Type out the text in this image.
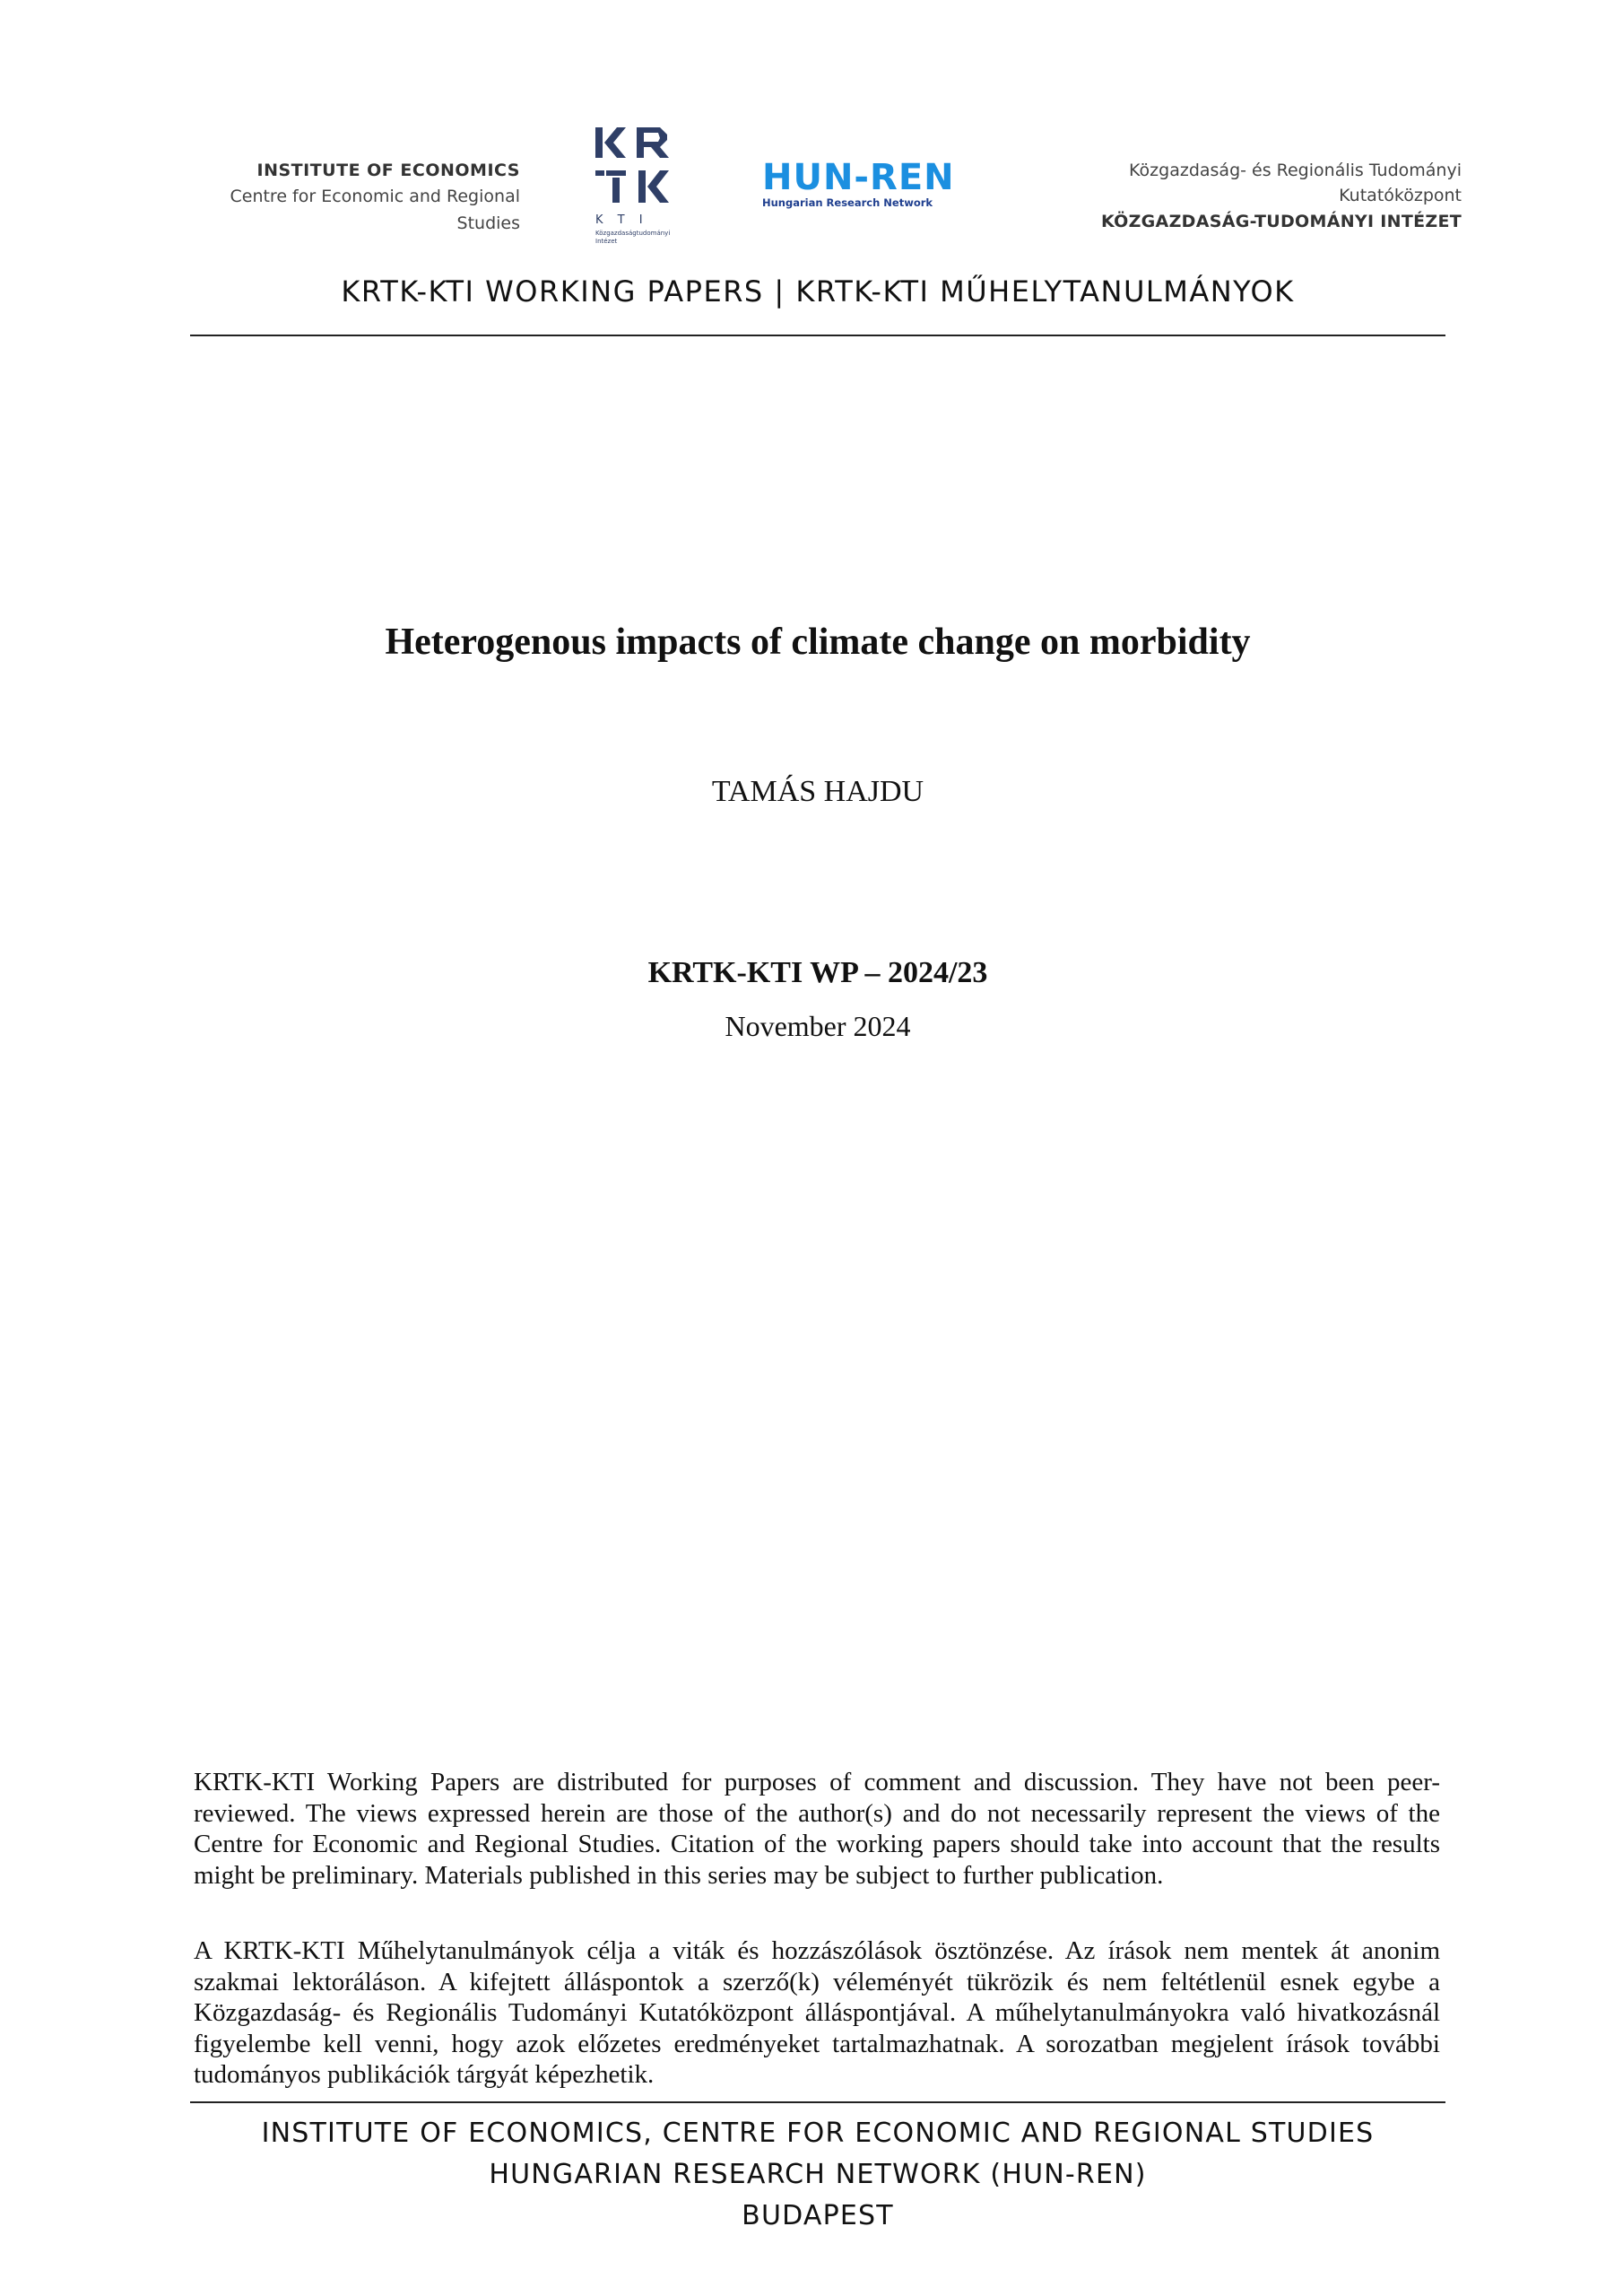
INSTITUTE OF ECONOMICS
Centre for Economic and Regional Studies	K T I
Közgazdaságtudományi
Intézet
HUN-REN
Hungarian Research Network
Közgazdaság- és Regionális Tudományi Kutatóközpont
KÖZGAZDASÁG-TUDOMÁNYI INTÉZET
KRTK-KTI WORKING PAPERS | KRTK-KTI MŰHELYTANULMÁNYOK
Heterogenous impacts of climate change on morbidity
TAMÁS HAJDU
KRTK-KTI WP – 2024/23
November 2024
KRTK-KTI Working Papers are distributed for purposes of comment and discussion. They have not been peer-reviewed. The views expressed herein are those of the author(s) and do not necessarily represent the views of the Centre for Economic and Regional Studies. Citation of the working papers should take into account that the results might be preliminary. Materials published in this series may be subject to further publication.
A KRTK-KTI Műhelytanulmányok célja a viták és hozzászólások ösztönzése. Az írások nem mentek át anonim szakmai lektoráláson. A kifejtett álláspontok a szerző(k) véleményét tükrözik és nem feltétlenül esnek egybe a Közgazdaság- és Regionális Tudományi Kutatóközpont álláspontjával. A műhelytanulmányokra való hivatkozásnál figyelembe kell venni, hogy azok előzetes eredményeket tartalmazhatnak. A sorozatban megjelent írások további tudományos publikációk tárgyát képezhetik.
INSTITUTE OF ECONOMICS, CENTRE FOR ECONOMIC AND REGIONAL STUDIES
HUNGARIAN RESEARCH NETWORK (HUN-REN)
BUDAPEST
